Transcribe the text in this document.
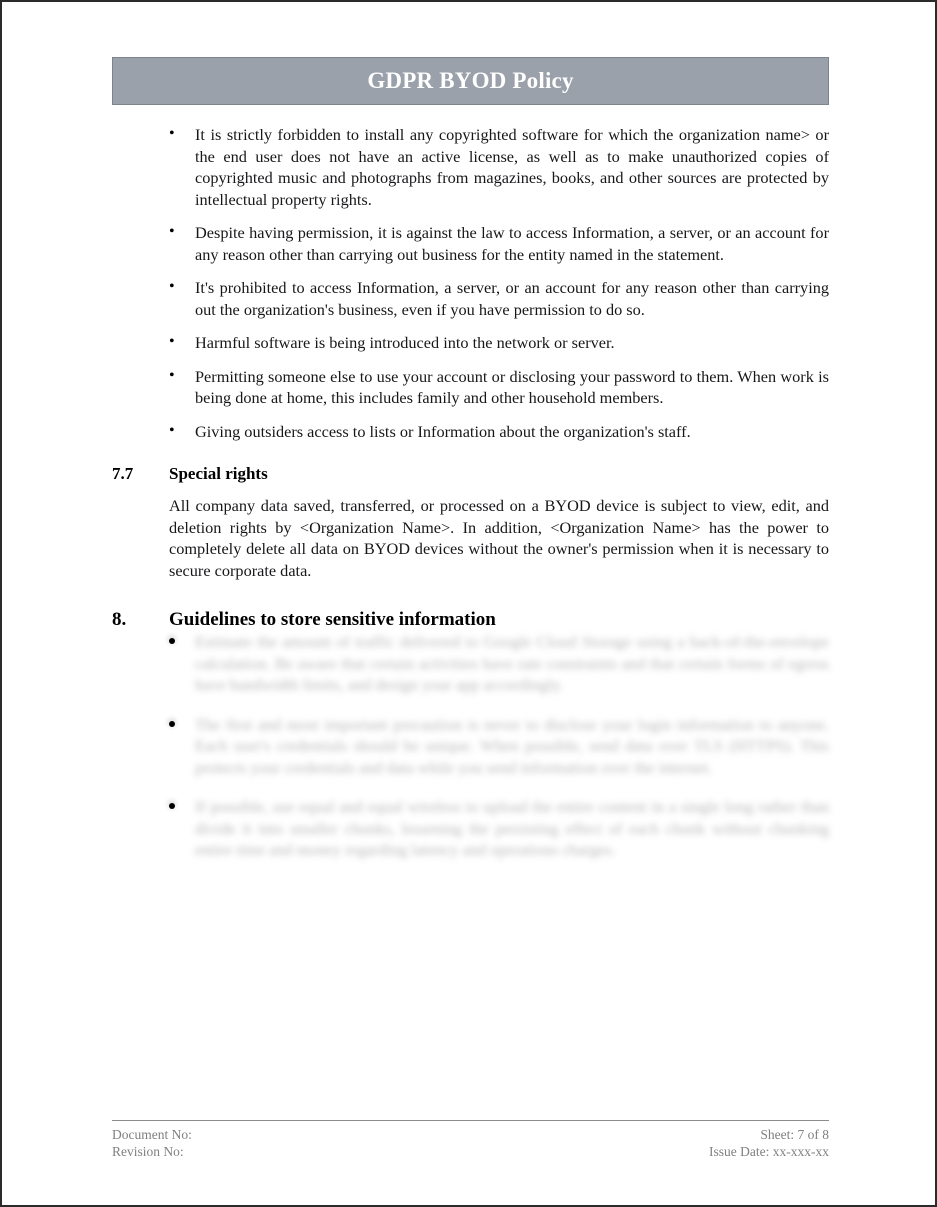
GDPR BYOD Policy
• It is strictly forbidden to install any copyrighted software for which the organization name> or the end user does not have an active license, as well as to make unauthorized copies of copyrighted music and photographs from magazines, books, and other sources are protected by intellectual property rights.
• Despite having permission, it is against the law to access Information, a server, or an account for any reason other than carrying out business for the entity named in the statement.
• It's prohibited to access Information, a server, or an account for any reason other than carrying out the organization's business, even if you have permission to do so.
• Harmful software is being introduced into the network or server.
• Permitting someone else to use your account or disclosing your password to them. When work is being done at home, this includes family and other household members.
• Giving outsiders access to lists or Information about the organization's staff.
7.7	Special rights

All company data saved, transferred, or processed on a BYOD device is subject to view, edit, and deletion rights by <Organization Name>. In addition, <Organization Name> has the power to completely delete all data on BYOD devices without the owner's permission when it is necessary to secure corporate data.

8.	Guidelines to store sensitive information
• Estimate the amount of traffic delivered to Google Cloud Storage using a back-of-the-envelope calculation. Be aware that certain activities have rate constraints and that certain forms of egress have bandwidth limits, and design your app accordingly.
• The first and most important precaution is never to disclose your login information to anyone. Each user's credentials should be unique. When possible, send data over TLS (HTTPS). This protects your credentials and data while you send information over the internet.
• If possible, use equal and equal wireless to upload the entire content in a single long rather than divide it into smaller chunks, lessening the persisting effect of each chunk without chunking entire time and money regarding latency and operations charges.
Document No:	Sheet: 7 of 8
Revision No:	Issue Date: xx-xxx-xx
